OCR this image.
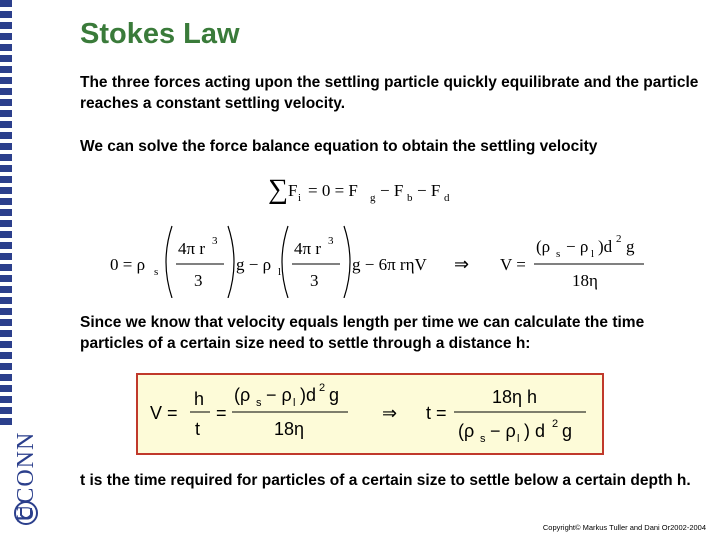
UCONN
Stokes Law

The three forces acting upon the settling particle quickly equilibrate and the particle reaches a constant settling velocity.

We can solve the force balance equation to obtain the settling velocity

∑ F i = 0 = F g − F b − F d
0 = ρ s
4π r 3
3
g − ρ l
4π r 3
3
g − 6π rηV ⇒ V =
(ρ s − ρ l )d 2 g
18η

Since we know that velocity equals length per time we can calculate the time particles of a certain size need to settle through a distance h:

V =
h
t
=
(ρ s − ρ l )d 2 g
18η
⇒ t =
18η h
(ρ s − ρ l ) d 2 g

t is the time required for particles of a certain size to settle below a certain depth h.

Copyright© Markus Tuller and Dani Or2002-2004
